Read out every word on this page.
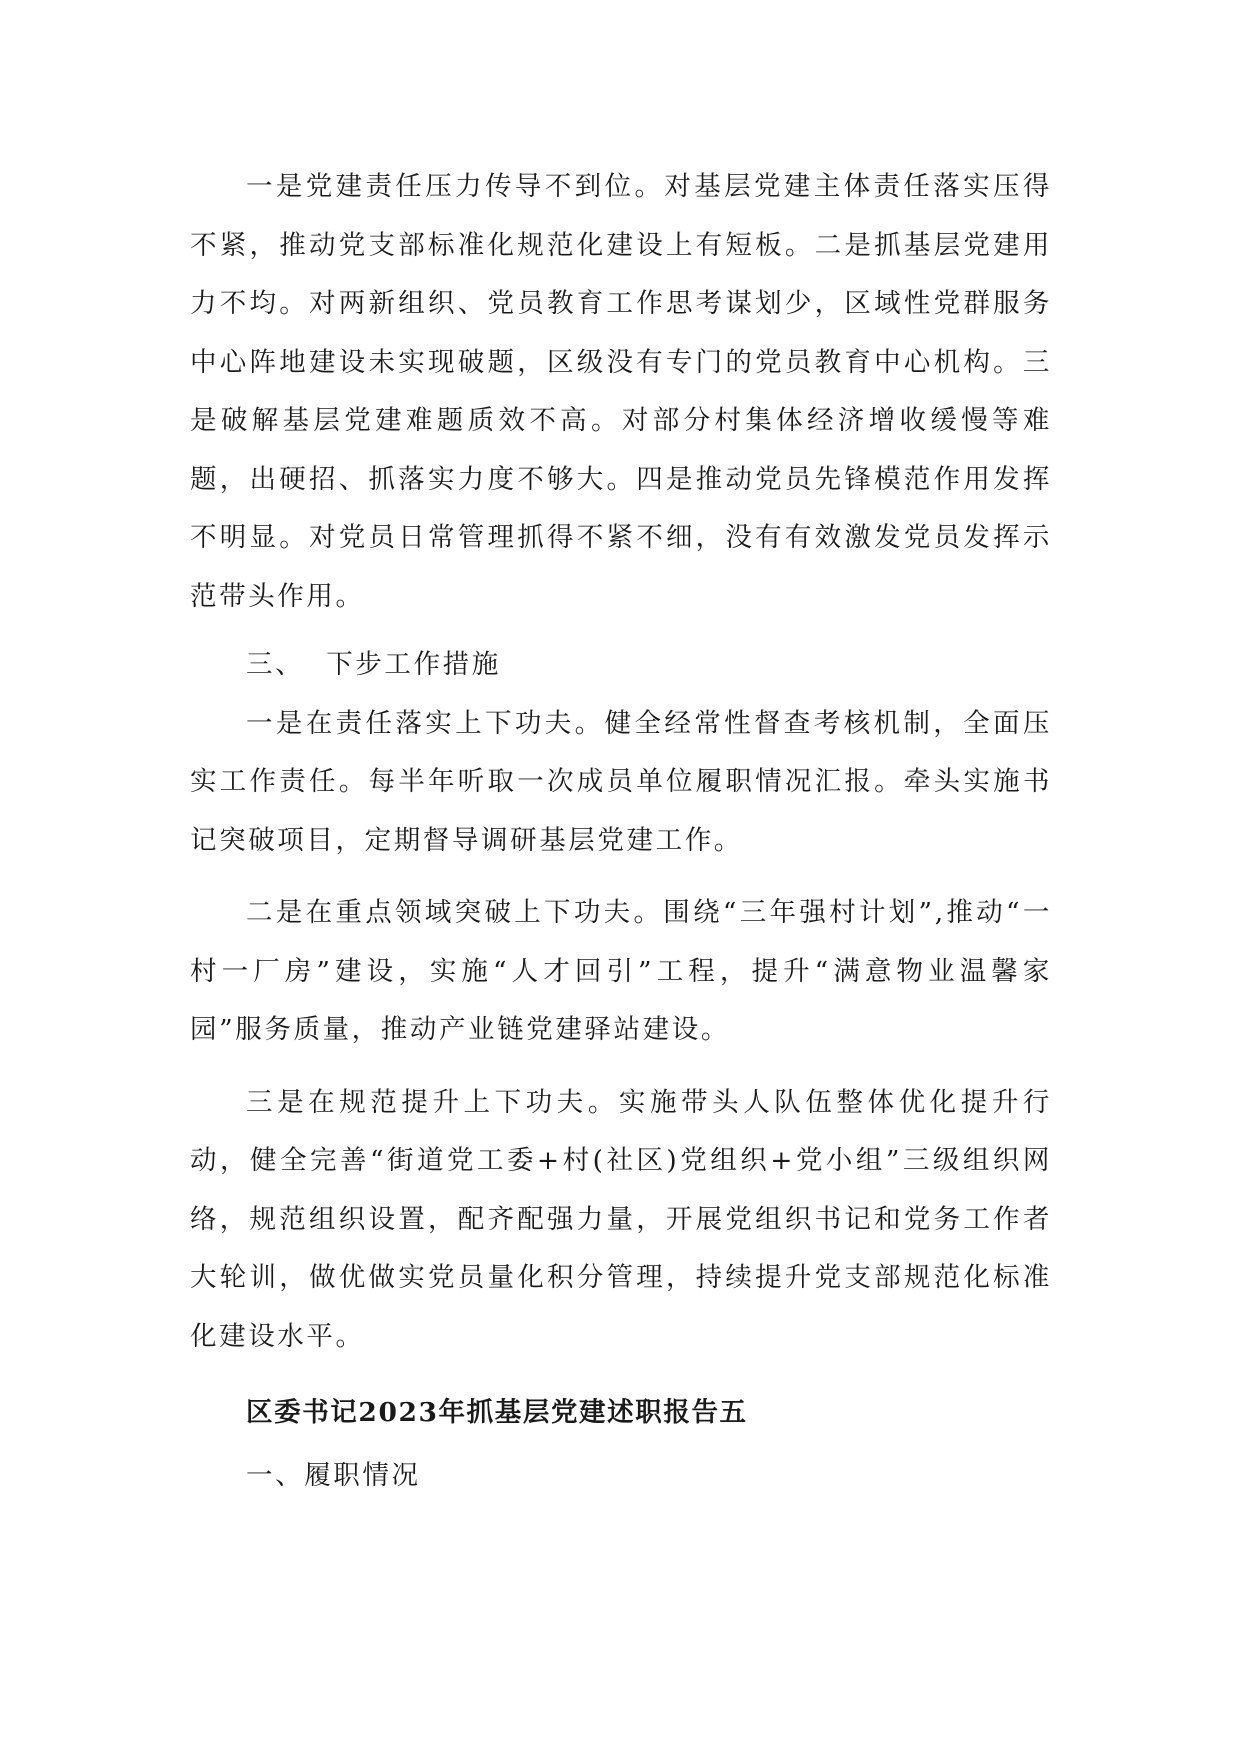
一是党建责任压力传导不到位。对基层党建主体责任落实压得不紧，推动党支部标准化规范化建设上有短板。二是抓基层党建用力不均。对两新组织、党员教育工作思考谋划少，区域性党群服务中心阵地建设未实现破题，区级没有专门的党员教育中心机构。三是破解基层党建难题质效不高。对部分村集体经济增收缓慢等难题，出硬招、抓落实力度不够大。四是推动党员先锋模范作用发挥不明显。对党员日常管理抓得不紧不细，没有有效激发党员发挥示范带头作用。

三、 下步工作措施

一是在责任落实上下功夫。健全经常性督查考核机制，全面压实工作责任。每半年听取一次成员单位履职情况汇报。牵头实施书记突破项目，定期督导调研基层党建工作。

二是在重点领域突破上下功夫。围绕“三年强村计划”,推动“一村一厂房”建设，实施“人才回引”工程，提升“满意物业温馨家园”服务质量，推动产业链党建驿站建设。

三是在规范提升上下功夫。实施带头人队伍整体优化提升行动，健全完善“街道党工委+村(社区)党组织+党小组”三级组织网络，规范组织设置，配齐配强力量，开展党组织书记和党务工作者大轮训，做优做实党员量化积分管理，持续提升党支部规范化标准化建设水平。

区委书记2023年抓基层党建述职报告五

一、履职情况
